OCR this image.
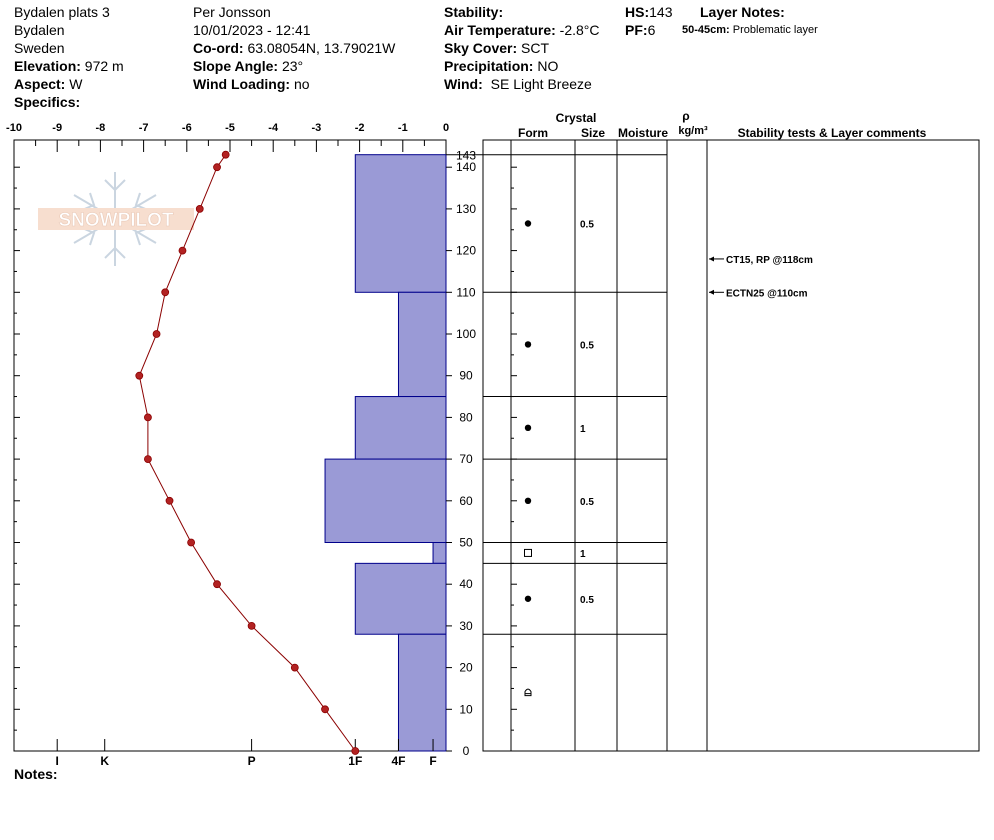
Bydalen plats 3
Bydalen
Sweden
Elevation: 972 m
Aspect: W
Specifics:
Per Jonsson
10/01/2023 - 12:41
Co-ord: 63.08054N, 13.79021W
Slope Angle: 23°
Wind Loading: no
Stability:
Air Temperature: -2.8°C
Sky Cover: SCT
Precipitation: NO
Wind: SE Light Breeze
HS:143
PF:6
Layer Notes:
50-45cm: Problematic layer
Notes:
SNOWPILOT
-10	-9	-8	-7	-6	-5	-4	-3	-2	-1	0
0
10
20
30
40
50
60
70
80
90
100
110
120
130
140
143
I	K	P	1F 4F F
Crystal
Form	Size Moisture
ρ
kg/m³ Stability tests & Layer comments
0.5
0.5
1
0.5
1
0.5
CT15, RP @118cm
ECTN25 @110cm
